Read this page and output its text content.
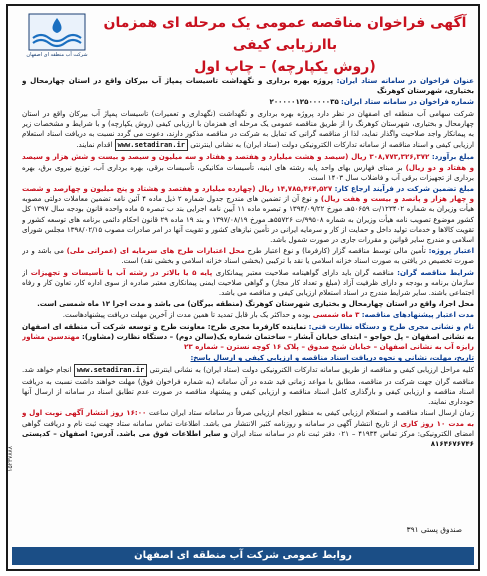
۱۵۲۳۷۸۸۸
شرکت آب منطقه ای اصفهان

آگهی فراخوان مناقصه عمومی یک مرحله ای همزمان باارزیابی کیفی

(روش یکپارچه) – چاپ اول

عنوان فراخوان در سامانه ستاد ایران: پروژه بهره برداری و نگهداشت تاسیسات پمپاژ آب بیرکان واقع در استان چهارمحال و بختیاری، شهرستان کوهرنگ

شماره فراخوان در سامانه ستاد ایران: ۲۰۰۰۰۰۱۲۵۰۰۰۰۰۳۵

شرکت سهامی آب منطقه ای اصفهان در نظر دارد پروژه بهره برداری و نگهداشت (نگهداری و تعمیرات) تاسیسات پمپاژ آب بیرکان واقع در استان چهارمحال و بختیاری، شهرستان کوهرنگ را از طریق مناقصه عمومی یک مرحله ای همزمان با ارزیابی کیفی (روش یکپارچه) و با شرایط و مشخصات زیر به پیمانکار واجد صلاحیت واگذار نماید، لذا از مناقصه گرانی که تمایل به شرکت در مناقصه مذکور دارند، دعوت می گردد نسبت به دریافت اسناد استعلام ارزیابی کیفی و اسناد مناقصه از سامانه تدارکات الکترونیکی دولت (ستاد ایران) به نشانی اینترنتی www.setadiran.ir اقدام نمایند.

مبلغ برآورد: ۳۰۸,۷۷۳,۳۲۶,۳۷۲ ریال (سیصد و هشت میلیارد و هفتصد و هفتاد و سه میلیون و سیصد و بیست و شش هزار و سیصد و هفتاد و دو ریال) بر مبنای فهارس بهای واحد پایه رشته های ابنیه، تأسیسات مکانیکی، تأسیسات برقی، بهره برداری آب، توزیع نیروی برق، بهره برداری از تجهیزات برقی آب و فاضلاب سال ۱۴۰۳ است.

مبلغ تضمین شرکت در فرآیند ارجاع کار: ۱۴,۷۸۵,۴۶۴,۵۲۷ ریال (چهارده میلیارد و هفتصد و هشتاد و پنج میلیون و چهارصد و شصت و چهار هزار و پانصد و بیست و هفت ریال) و نوع آن از تضمین های مندرج جدول شماره ۲ ذیل ماده ۴ آئین نامه تضمین معاملات دولتی مصوبه هیأت وزیران به شماره ۱۲۳۴۰۲/ت ۵۰۶۵۹هـ مورخ ۱۳۹۴/۰۹/۲۲ و تبصره ماده ۱۱ آیین نامه اجرایی بند ب تبصره ۵ ماده واحده قانون بودجه سال ۱۳۹۷ کل کشور موضوع تصویب نامه هیأت وزیران به شماره ۹۹۵۰۸/ت ۵۵۷۲۶هـ مورخ ۱۳۹۷/۰۸/۱۹ و بند ۱۹ ماده ۲۹ قانون احکام دائمی برنامه های توسعه کشور و تقویت کالاها و خدمات تولید داخل و حمایت از کار و سرمایه ایرانی در تأمین نیازهای کشور و تقویت آنها در امر صادرات مصوب ۱۳۹۸/۰۲/۱۵ مجلس شورای اسلامی و مندرج سایر قوانین و مقررات جاری در صورت شمول باشد.

اعتبار پروژه: تأمین مالی توسط مناقصه گزار (کارفرما) و نوع اعتبار طرح محل اعتبارات طرح های سرمایه ای (عمرانی ملی) می باشد و در صورت تخصیص در یافتی به صورت اسناد خزانه اسلامی یا نقد با ترکیبی (بخشی اسناد خزانه اسلامی و بخشی نقد) است.

شرایط مناقصه گران: مناقصه گران باید دارای گواهینامه صلاحیت معتبر پیمانکاری پایه ۵ یا بالاتر در رشته آب یا تأسیسات و تجهیزات از سازمان برنامه و بودجه و دارای ظرفیت آزاد (مبلغ و تعداد کار مجاز) و گواهی صلاحیت ایمنی پیمانکاری معتبر صادره از سوی اداره کار، تعاون کار و رفاه اجتماعی باشند. سایر شرایط مندرج در اسناد استعلام ارزیابی کیفی و مناقصه می باشد.

محل اجرا، واقع در استان چهارمحال و بختیاری شهرستان کوهرنگ (منطقه بیرگان) می باشد و مدت اجرا ۱۲ ماه شمسی است.

مدت اعتبار پیشنهادهای مناقصه: ۳ ماه شمسی بوده و حداکثر یک بار قابل تمدید تا همین مدت از آخرین مهلت دریافت پیشنهادهاست.

نام و نشانی مجری طرح و دستگاه نظارت فنی: نماینده کارفرما مجری طرح: معاونت طرح و توسعه شرکت آب منطقه ای اصفهان به نشانی اصفهان – پل خواجو – ابتدای خیابان آبشار – ساختمان شماره یک(سالن دوم) – دستگاه نظارت (مشاور): مهندسین مشاور رایزه آب به نشانی اصفهان – خیابان شیخ صدوق – پلاک ۱۶ کوچه نسترن – شماره ۲۳

تاریخ، مهلت، نشانی و نحوه دریافت اسناد مناقصه و ارزیابی کیفی و ارسال پاسخ:

کلیه مراحل ارزیابی کیفی و مناقصه از طریق سامانه تدارکات الکترونیکی دولت (ستاد ایران) به نشانی اینترنتی www.setadiran.ir انجام خواهد شد. مناقصه گران جهت شرکت در مناقصه، مطابق با مواعد زمانی قید شده در آن سامانه (به شماره فراخوان فوق) مهلت خواهند داشت نسبت به دریافت اسناد مناقصه و ارزیابی کیفی و بارگذاری کامل اسناد مناقصه و ارزیابی کیفی و پیشنهاد مناقصه در صورت عدم تطابق اسناد در سامانه از ارسال آنها خودداری نمایند.

زمان ارسال اسناد مناقصه و استعلام ارزیابی کیفی به منظور انجام ارزیابی صرفاً در سامانه ستاد ایران ساعت ۱۶:۰۰ روز انتشار آگهی نوبت اول و به مدت ۱۰ روز کاری از تاریخ انتشار آگهی در سامانه و روزنامه کثیر الانتشار می باشد. اطلاعات تماس سامانه ستاد جهت ثبت نام و دریافت گواهی امضای الکترونیکی: مرکز تماس ۴۱۹۳۴ – ۰۲۱ دفتر ثبت نام در سامانه ستاد ایران و سایر اطلاعات فوق می باشد. آدرس: اصفهان – کدپستی ۸۱۶۴۶۷۶۷۴۶

صندوق پستی ۳۹۱
روابط عمومی شرکت آب منطقه ای اصفهان
